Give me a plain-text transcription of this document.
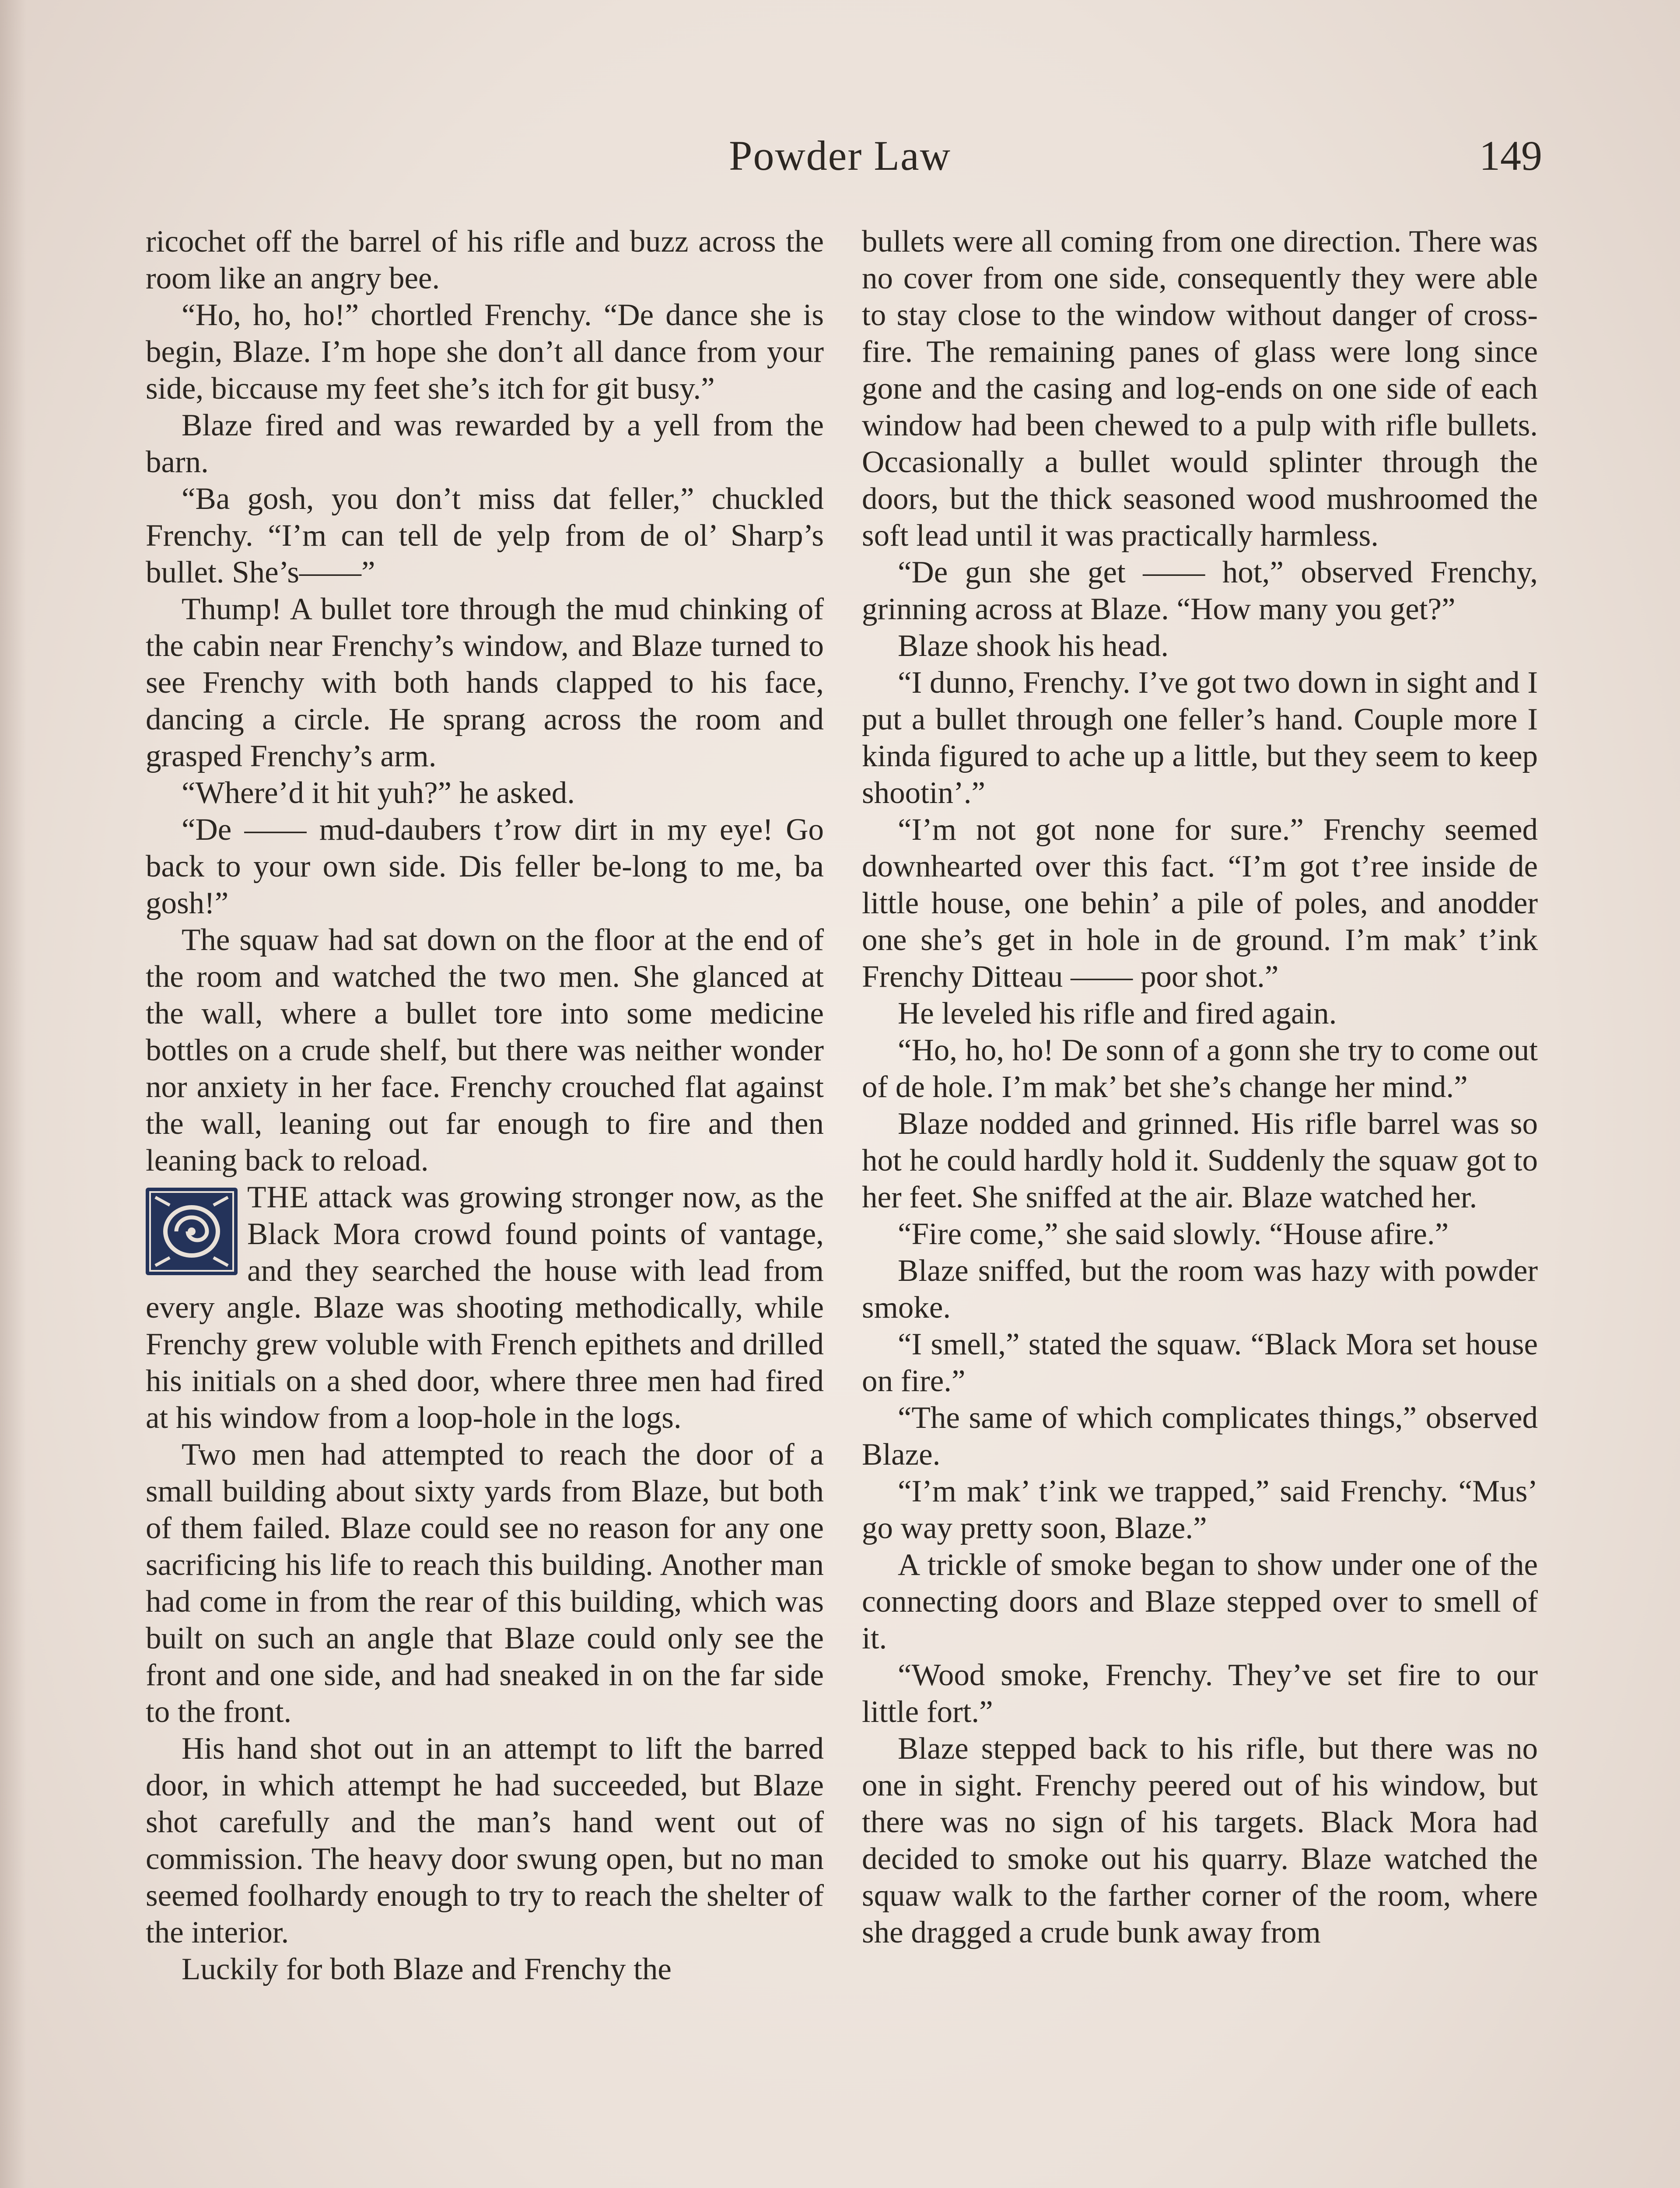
Powder Law	149

ricochet off the barrel of his rifle and buzz across the room like an angry bee.

“Ho, ho, ho!” chortled Frenchy. “De dance she is begin, Blaze. I’m hope she don’t all dance from your side, biccause my feet she’s itch for git busy.”

Blaze fired and was rewarded by a yell from the barn.

“Ba gosh, you don’t miss dat feller,” chuckled Frenchy. “I’m can tell de yelp from de ol’ Sharp’s bullet. She’s——”

Thump! A bullet tore through the mud chinking of the cabin near Frenchy’s window, and Blaze turned to see Frenchy with both hands clapped to his face, dancing a circle. He sprang across the room and grasped Frenchy’s arm.

“Where’d it hit yuh?” he asked.

“De —— mud-daubers t’row dirt in my eye! Go back to your own side. Dis feller be-long to me, ba gosh!”

The squaw had sat down on the floor at the end of the room and watched the two men. She glanced at the wall, where a bullet tore into some medicine bottles on a crude shelf, but there was neither wonder nor anxiety in her face. Frenchy crouched flat against the wall, leaning out far enough to fire and then leaning back to reload.

THE attack was growing stronger now, as the Black Mora crowd found points of vantage, and they searched the house with lead from every angle. Blaze was shooting methodically, while Frenchy grew voluble with French epithets and drilled his initials on a shed door, where three men had fired at his window from a loop-hole in the logs.

Two men had attempted to reach the door of a small building about sixty yards from Blaze, but both of them failed. Blaze could see no reason for any one sacrificing his life to reach this building. Another man had come in from the rear of this building, which was built on such an angle that Blaze could only see the front and one side, and had sneaked in on the far side to the front.

His hand shot out in an attempt to lift the barred door, in which attempt he had succeeded, but Blaze shot carefully and the man’s hand went out of commission. The heavy door swung open, but no man seemed foolhardy enough to try to reach the shelter of the interior.

Luckily for both Blaze and Frenchy the

bullets were all coming from one direction. There was no cover from one side, consequently they were able to stay close to the window without danger of cross-fire. The remaining panes of glass were long since gone and the casing and log-ends on one side of each window had been chewed to a pulp with rifle bullets. Occasionally a bullet would splinter through the doors, but the thick seasoned wood mushroomed the soft lead until it was practically harmless.

“De gun she get —— hot,” observed Frenchy, grinning across at Blaze. “How many you get?”

Blaze shook his head.

“I dunno, Frenchy. I’ve got two down in sight and I put a bullet through one feller’s hand. Couple more I kinda figured to ache up a little, but they seem to keep shootin’.”

“I’m not got none for sure.” Frenchy seemed downhearted over this fact. “I’m got t’ree inside de little house, one behin’ a pile of poles, and anodder one she’s get in hole in de ground. I’m mak’ t’ink Frenchy Ditteau —— poor shot.”

He leveled his rifle and fired again.

“Ho, ho, ho! De sonn of a gonn she try to come out of de hole. I’m mak’ bet she’s change her mind.”

Blaze nodded and grinned. His rifle barrel was so hot he could hardly hold it. Suddenly the squaw got to her feet. She sniffed at the air. Blaze watched her.

“Fire come,” she said slowly. “House afire.”

Blaze sniffed, but the room was hazy with powder smoke.

“I smell,” stated the squaw. “Black Mora set house on fire.”

“The same of which complicates things,” observed Blaze.

“I’m mak’ t’ink we trapped,” said Frenchy. “Mus’ go way pretty soon, Blaze.”

A trickle of smoke began to show under one of the connecting doors and Blaze stepped over to smell of it.

“Wood smoke, Frenchy. They’ve set fire to our little fort.”

Blaze stepped back to his rifle, but there was no one in sight. Frenchy peered out of his window, but there was no sign of his targets. Black Mora had decided to smoke out his quarry. Blaze watched the squaw walk to the farther corner of the room, where she dragged a crude bunk away from
